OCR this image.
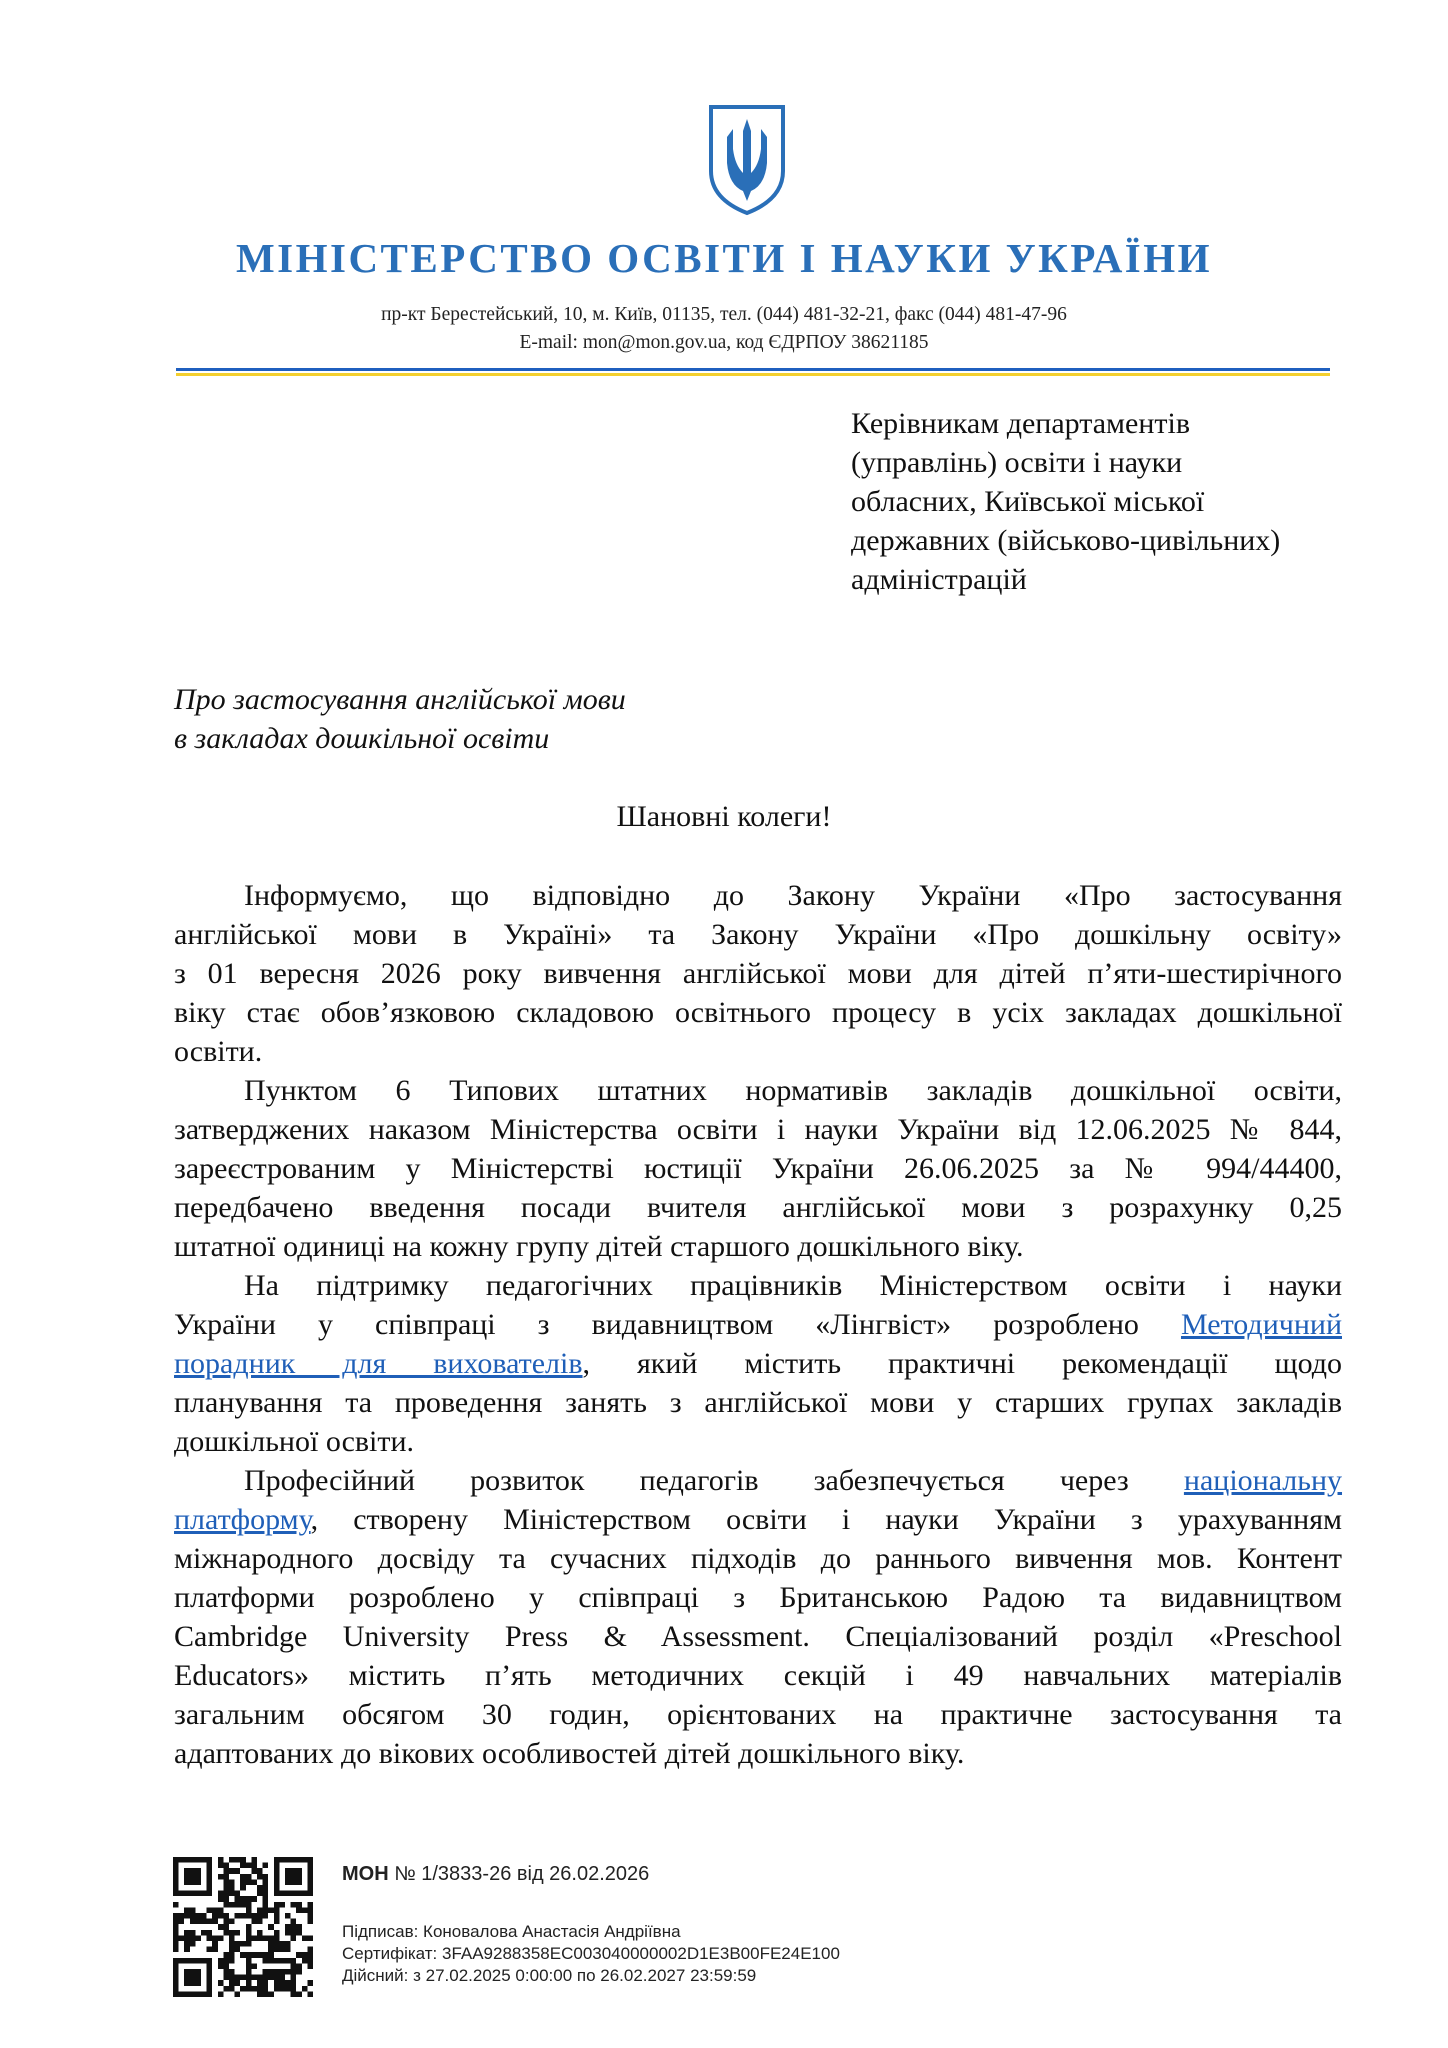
МІНІСТЕРСТВО ОСВІТИ І НАУКИ УКРАЇНИ
пр-кт Берестейський, 10, м. Київ, 01135, тел. (044) 481-32-21, факс (044) 481-47-96
E-mail: mon@mon.gov.ua, код ЄДРПОУ 38621185
Керівникам департаментів
(управлінь) освіти і науки
обласних, Київської міської
державних (військово-цивільних)
адміністрацій
Про застосування англійської мови
в закладах дошкільної освіти
Шановні колеги!
Інформуємо, що відповідно до Закону України «Про застосування
англійської мови в Україні» та Закону України «Про дошкільну освіту»
з 01 вересня 2026 року вивчення англійської мови для дітей п’яти-шестирічного
віку стає обов’язковою складовою освітнього процесу в усіх закладах дошкільної
освіти.
Пунктом 6 Типових штатних нормативів закладів дошкільної освіти,
затверджених наказом Міністерства освіти і науки України від 12.06.2025 № 844,
зареєстрованим у Міністерстві юстиції України 26.06.2025 за № 994/44400,
передбачено введення посади вчителя англійської мови з розрахунку 0,25
штатної одиниці на кожну групу дітей старшого дошкільного віку.
На підтримку педагогічних працівників Міністерством освіти і науки
України у співпраці з видавництвом «Лінгвіст» розроблено Методичний
порадник для вихователів, який містить практичні рекомендації щодо
планування та проведення занять з англійської мови у старших групах закладів
дошкільної освіти.
Професійний розвиток педагогів забезпечується через національну
платформу, створену Міністерством освіти і науки України з урахуванням
міжнародного досвіду та сучасних підходів до раннього вивчення мов. Контент
платформи розроблено у співпраці з Британською Радою та видавництвом
Cambridge University Press & Assessment. Спеціалізований розділ «Preschool
Educators» містить п’ять методичних секцій і 49 навчальних матеріалів
загальним обсягом 30 годин, орієнтованих на практичне застосування та
адаптованих до вікових особливостей дітей дошкільного віку.
МОН № 1/3833-26 від 26.02.2026
Підписав: Коновалова Анастасія Андріївна
Сертифікат: 3FAA9288358EC003040000002D1E3B00FE24E100
Дійсний: з 27.02.2025 0:00:00 по 26.02.2027 23:59:59
